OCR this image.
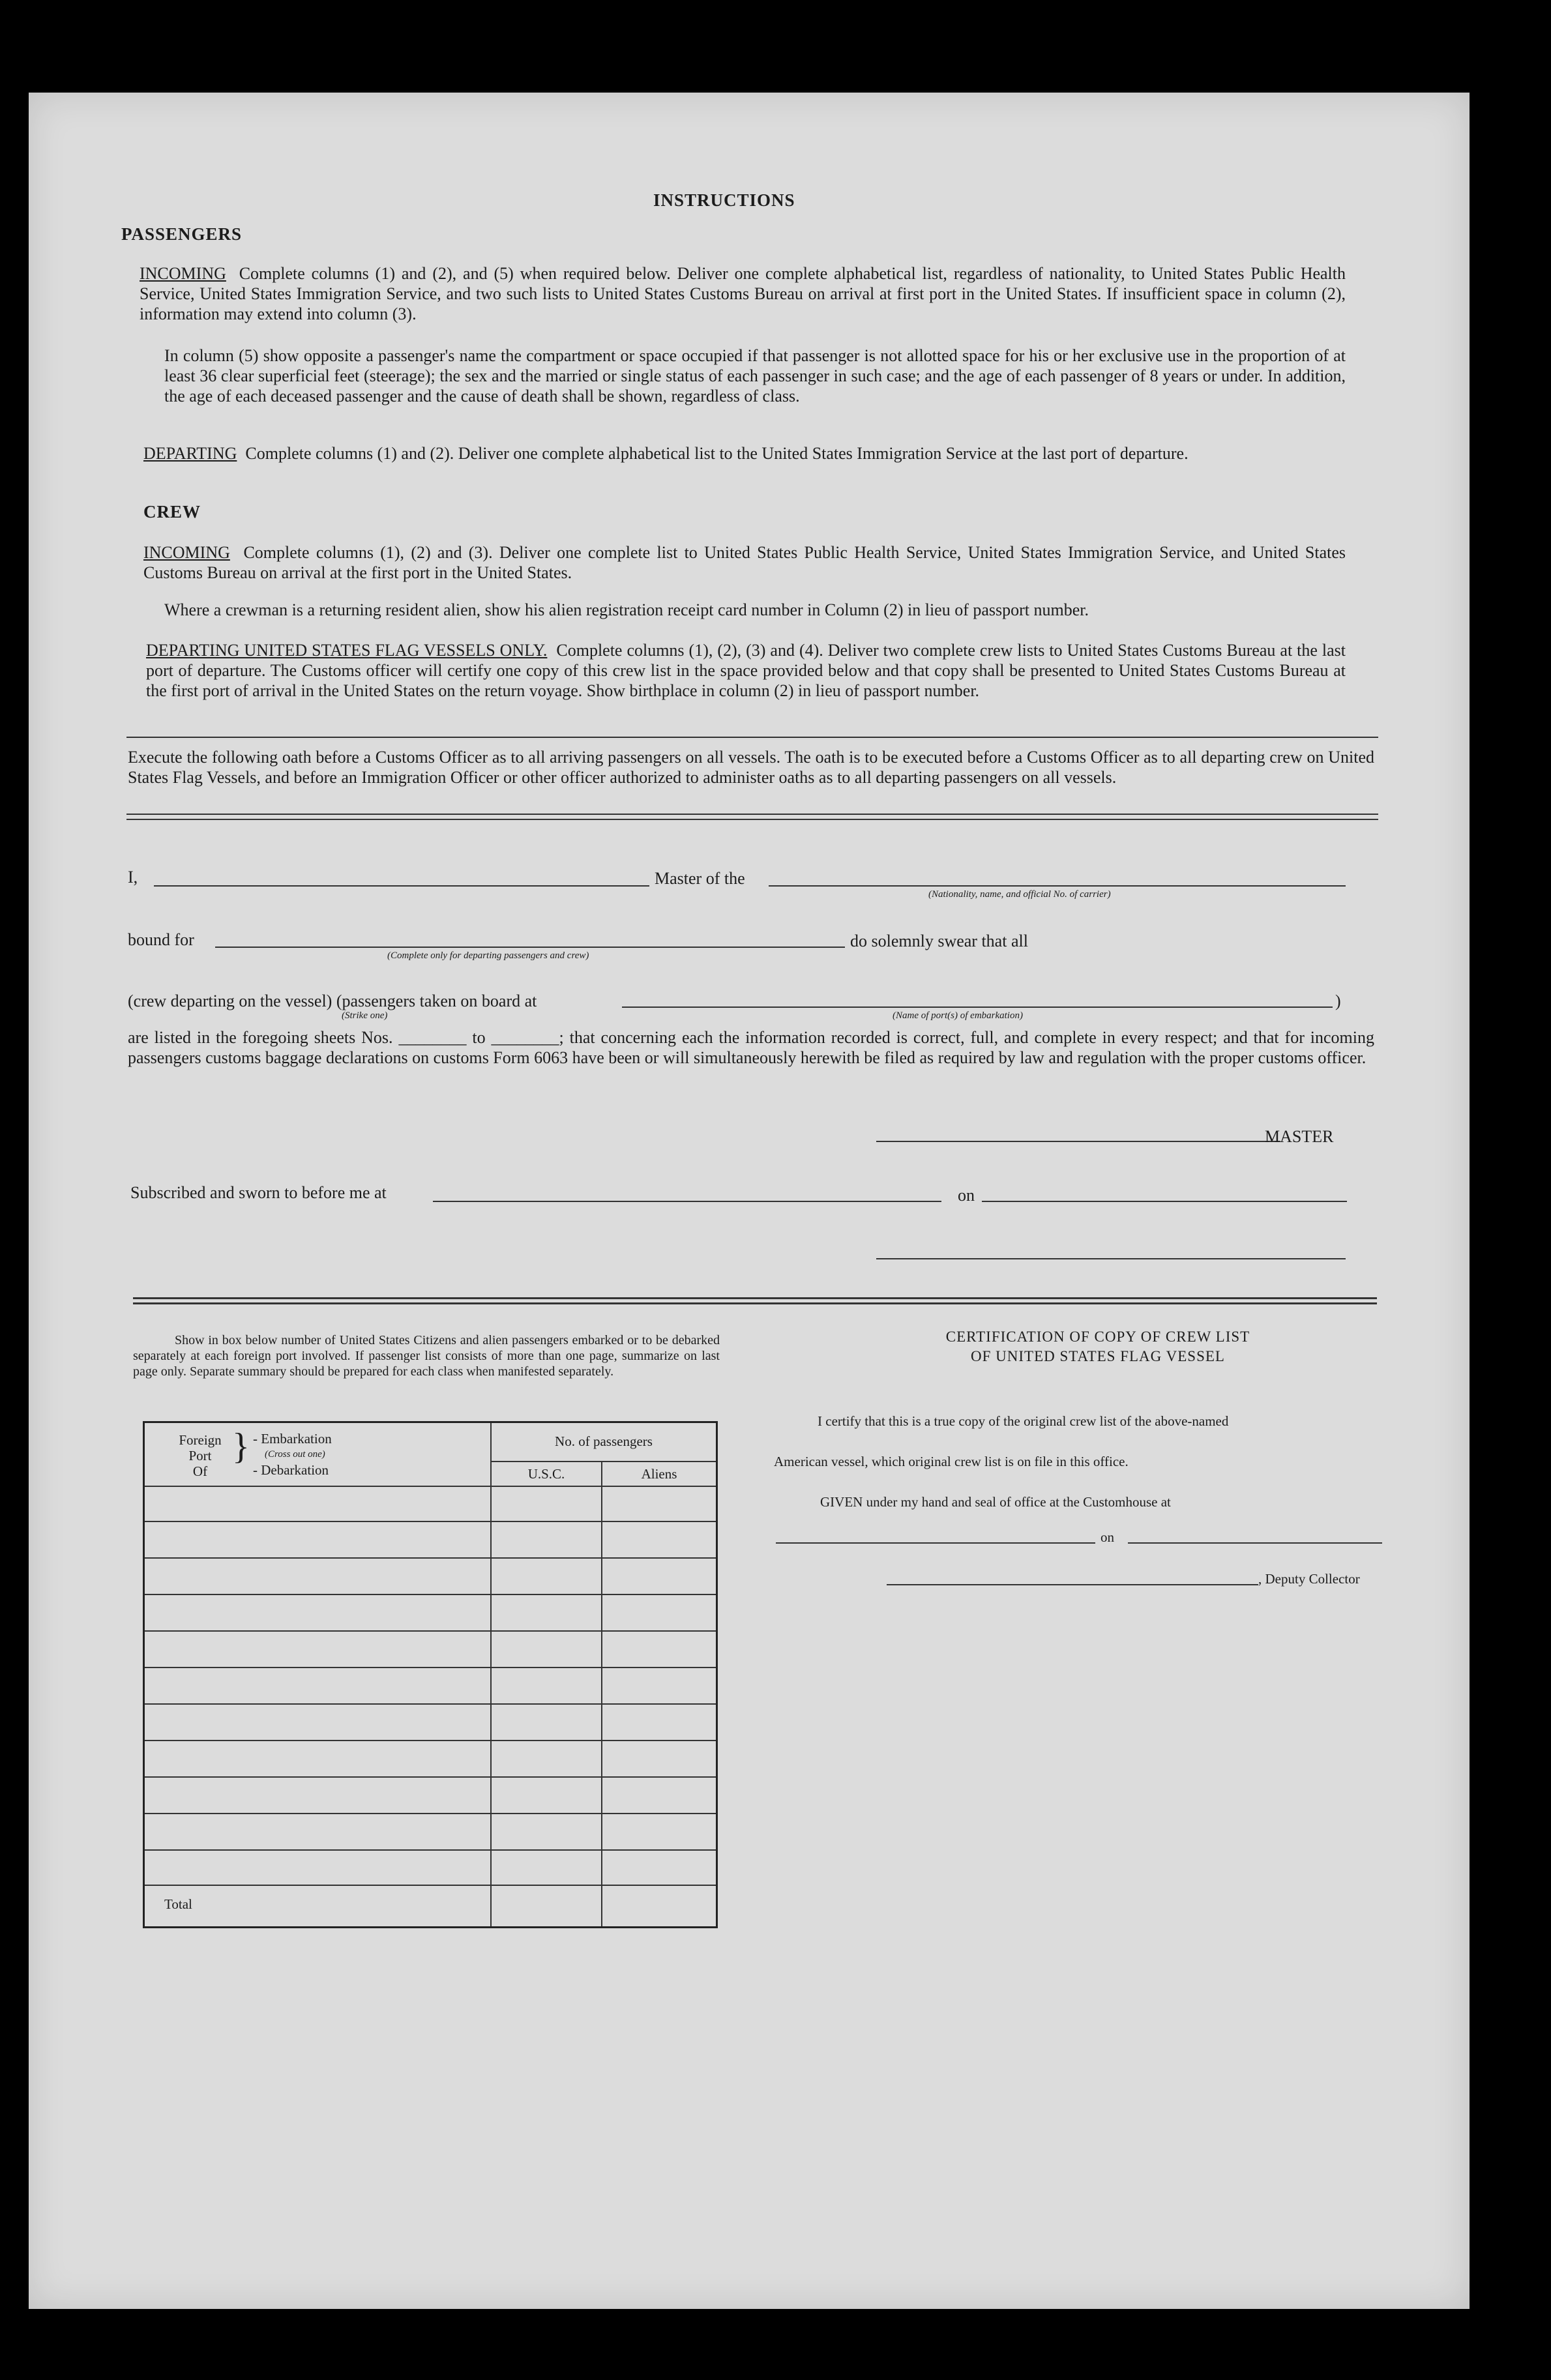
INSTRUCTIONS
PASSENGERS
INCOMING Complete columns (1) and (2), and (5) when required below. Deliver one complete alphabetical list, regardless of nationality, to United States Public Health Service, United States Immigration Service, and two such lists to United States Customs Bureau on arrival at first port in the United States. If insufficient space in column (2), information may extend into column (3).
In column (5) show opposite a passenger's name the compartment or space occupied if that passenger is not allotted space for his or her exclusive use in the proportion of at least 36 clear superficial feet (steerage); the sex and the married or single status of each passenger in such case; and the age of each passenger of 8 years or under. In addition, the age of each deceased passenger and the cause of death shall be shown, regardless of class.
DEPARTING Complete columns (1) and (2). Deliver one complete alphabetical list to the United States Immigration Service at the last port of departure.
CREW
INCOMING Complete columns (1), (2) and (3). Deliver one complete list to United States Public Health Service, United States Immigration Service, and United States Customs Bureau on arrival at the first port in the United States.
Where a crewman is a returning resident alien, show his alien registration receipt card number in Column (2) in lieu of passport number.
DEPARTING UNITED STATES FLAG VESSELS ONLY. Complete columns (1), (2), (3) and (4). Deliver two complete crew lists to United States Customs Bureau at the last port of departure. The Customs officer will certify one copy of this crew list in the space provided below and that copy shall be presented to United States Customs Bureau at the first port of arrival in the United States on the return voyage. Show birthplace in column (2) in lieu of passport number.
Execute the following oath before a Customs Officer as to all arriving passengers on all vessels. The oath is to be executed before a Customs Officer as to all departing crew on United States Flag Vessels, and before an Immigration Officer or other officer authorized to administer oaths as to all departing passengers on all vessels.
I,	Master of the
(Nationality, name, and official No. of carrier)
bound for
(Complete only for departing passengers and crew)
do solemnly swear that all
(crew departing on the vessel) (passengers taken on board at	)
(Strike one)	(Name of port(s) of embarkation)
are listed in the foregoing sheets Nos. ________ to ________; that concerning each the information recorded is correct, full, and complete in every respect; and that for incoming passengers customs baggage declarations on customs Form 6063 have been or will simultaneously herewith be filed as required by law and regulation with the proper customs officer.
MASTER
Subscribed and sworn to before me at	on
Show in box below number of United States Citizens and alien passengers embarked or to be debarked separately at each foreign port involved. If passenger list consists of more than one page, summarize on last page only. Separate summary should be prepared for each class when manifested separately.
Foreign
Port
Of
} - Embarkation
(Cross out one)
- Debarkation
No. of passengers
U.S.C.	Aliens
Total
CERTIFICATION OF COPY OF CREW LIST
OF UNITED STATES FLAG VESSEL
I certify that this is a true copy of the original crew list of the above-named
American vessel, which original crew list is on file in this office.
GIVEN under my hand and seal of office at the Customhouse at
on
, Deputy Collector
